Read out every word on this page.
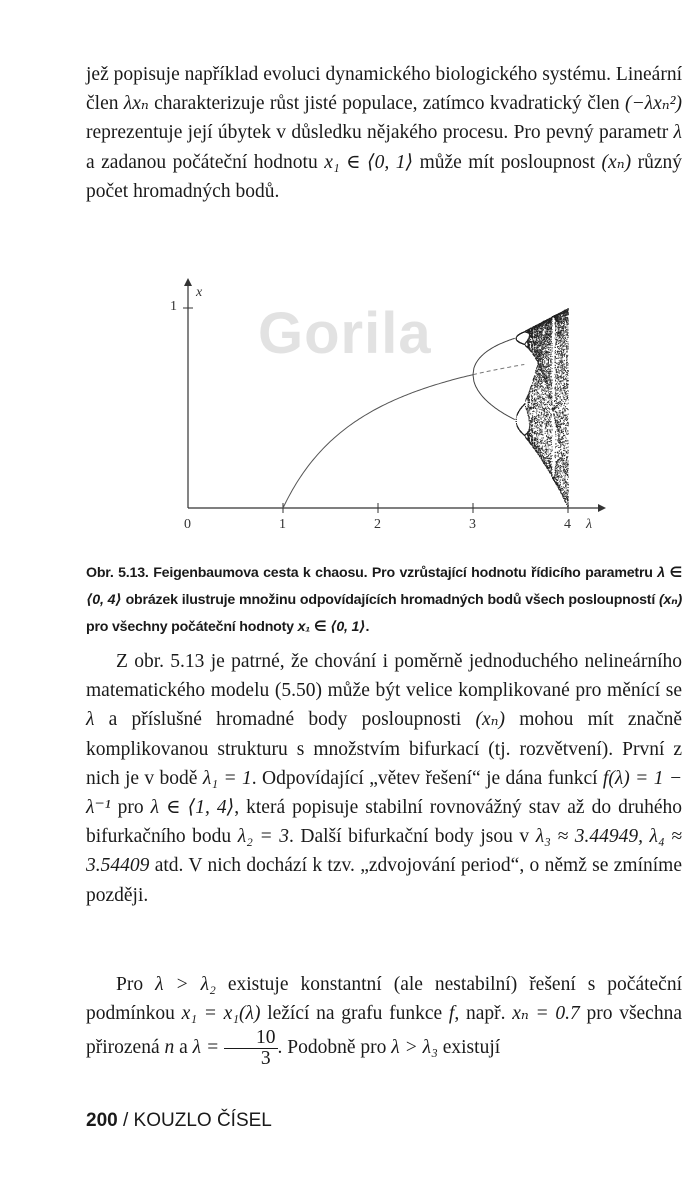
jež popisuje například evoluci dynamického biologického systému. Lineární člen λxₙ charakterizuje růst jisté populace, zatímco kvadratický člen (−λxₙ²) reprezentuje její úbytek v důsledku nějakého procesu. Pro pevný parametr λ a zadanou počáteční hodnotu x₁ ∈ ⟨0, 1⟩ může mít posloupnost (xₙ) různý počet hromadných bodů.

1
x
0	1	2	3	4 λ
Gorila

Obr. 5.13. Feigenbaumova cesta k chaosu. Pro vzrůstající hodnotu řídicího parametru λ ∈ ⟨0, 4⟩ obrázek ilustruje množinu odpovídajících hromadných bodů všech posloupností (xₙ) pro všechny počáteční hodnoty x₁ ∈ ⟨0, 1⟩.

Z obr. 5.13 je patrné, že chování i poměrně jednoduchého nelineárního matematického modelu (5.50) může být velice komplikované pro měnící se λ a příslušné hromadné body posloupnosti (xₙ) mohou mít značně komplikovanou strukturu s množstvím bifurkací (tj. rozvětvení). První z nich je v bodě λ₁ = 1. Odpovídající „větev řešení“ je dána funkcí f(λ) = 1 − λ⁻¹ pro λ ∈ ⟨1, 4⟩, která popisuje stabilní rovnovážný stav až do druhého bifurkačního bodu λ₂ = 3. Další bifurkační body jsou v λ₃ ≈ 3.44949, λ₄ ≈ 3.54409 atd. V nich dochází k tzv. „zdvojování period“, o němž se zmíníme později.

Pro λ > λ₂ existuje konstantní (ale nestabilní) řešení s počáteční podmínkou x₁ = x₁(λ) ležící na grafu funkce f, např. xₙ = 0.7 pro všechna přirozená n a $\lambda = \frac{10}{3}$ . Podobně pro λ > λ₃ existují

200 / KOUZLO ČÍSEL
